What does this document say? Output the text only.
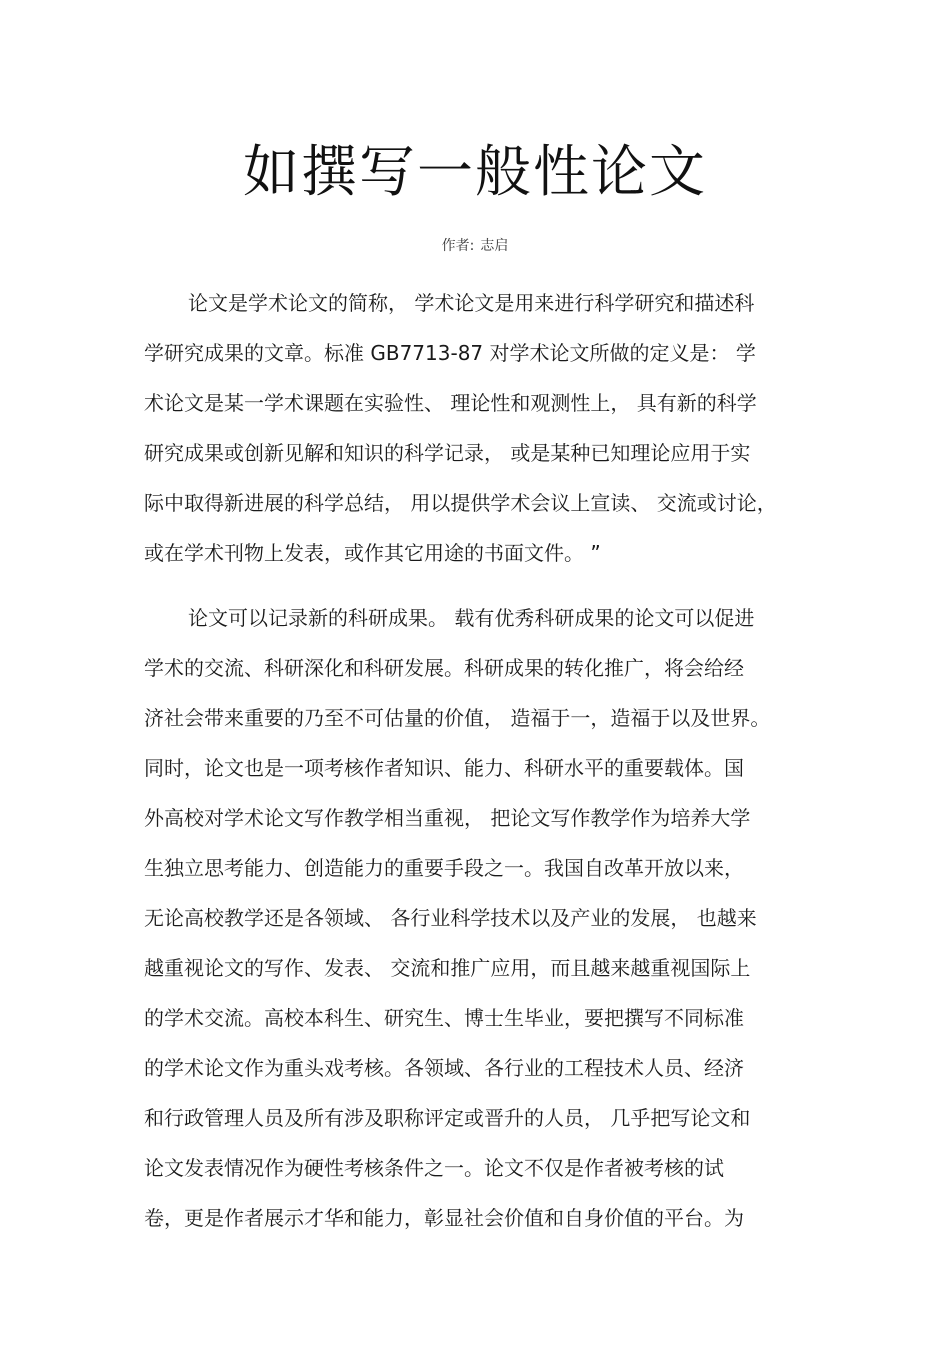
如撰写一般性论文
作者: 志启
论文是学术论文的简称， 学术论文是用来进行科学研究和描述科
学研究成果的文章。标准 GB7713-87 对学术论文所做的定义是： 学
术论文是某一学术课题在实验性、 理论性和观测性上， 具有新的科学
研究成果或创新见解和知识的科学记录， 或是某种已知理论应用于实
际中取得新进展的科学总结， 用以提供学术会议上宣读、 交流或讨论，
或在学术刊物上发表，或作其它用途的书面文件。 ”
论文可以记录新的科研成果。 载有优秀科研成果的论文可以促进
学术的交流、科研深化和科研发展。科研成果的转化推广，将会给经
济社会带来重要的乃至不可估量的价值， 造福于一，造福于以及世界。
同时，论文也是一项考核作者知识、能力、科研水平的重要载体。国
外高校对学术论文写作教学相当重视， 把论文写作教学作为培养大学
生独立思考能力、创造能力的重要手段之一。我国自改革开放以来，
无论高校教学还是各领域、 各行业科学技术以及产业的发展， 也越来
越重视论文的写作、发表、 交流和推广应用，而且越来越重视国际上
的学术交流。高校本科生、研究生、博士生毕业，要把撰写不同标准
的学术论文作为重头戏考核。各领域、各行业的工程技术人员、经济
和行政管理人员及所有涉及职称评定或晋升的人员， 几乎把写论文和
论文发表情况作为硬性考核条件之一。论文不仅是作者被考核的试
卷，更是作者展示才华和能力，彰显社会价值和自身价值的平台。为
